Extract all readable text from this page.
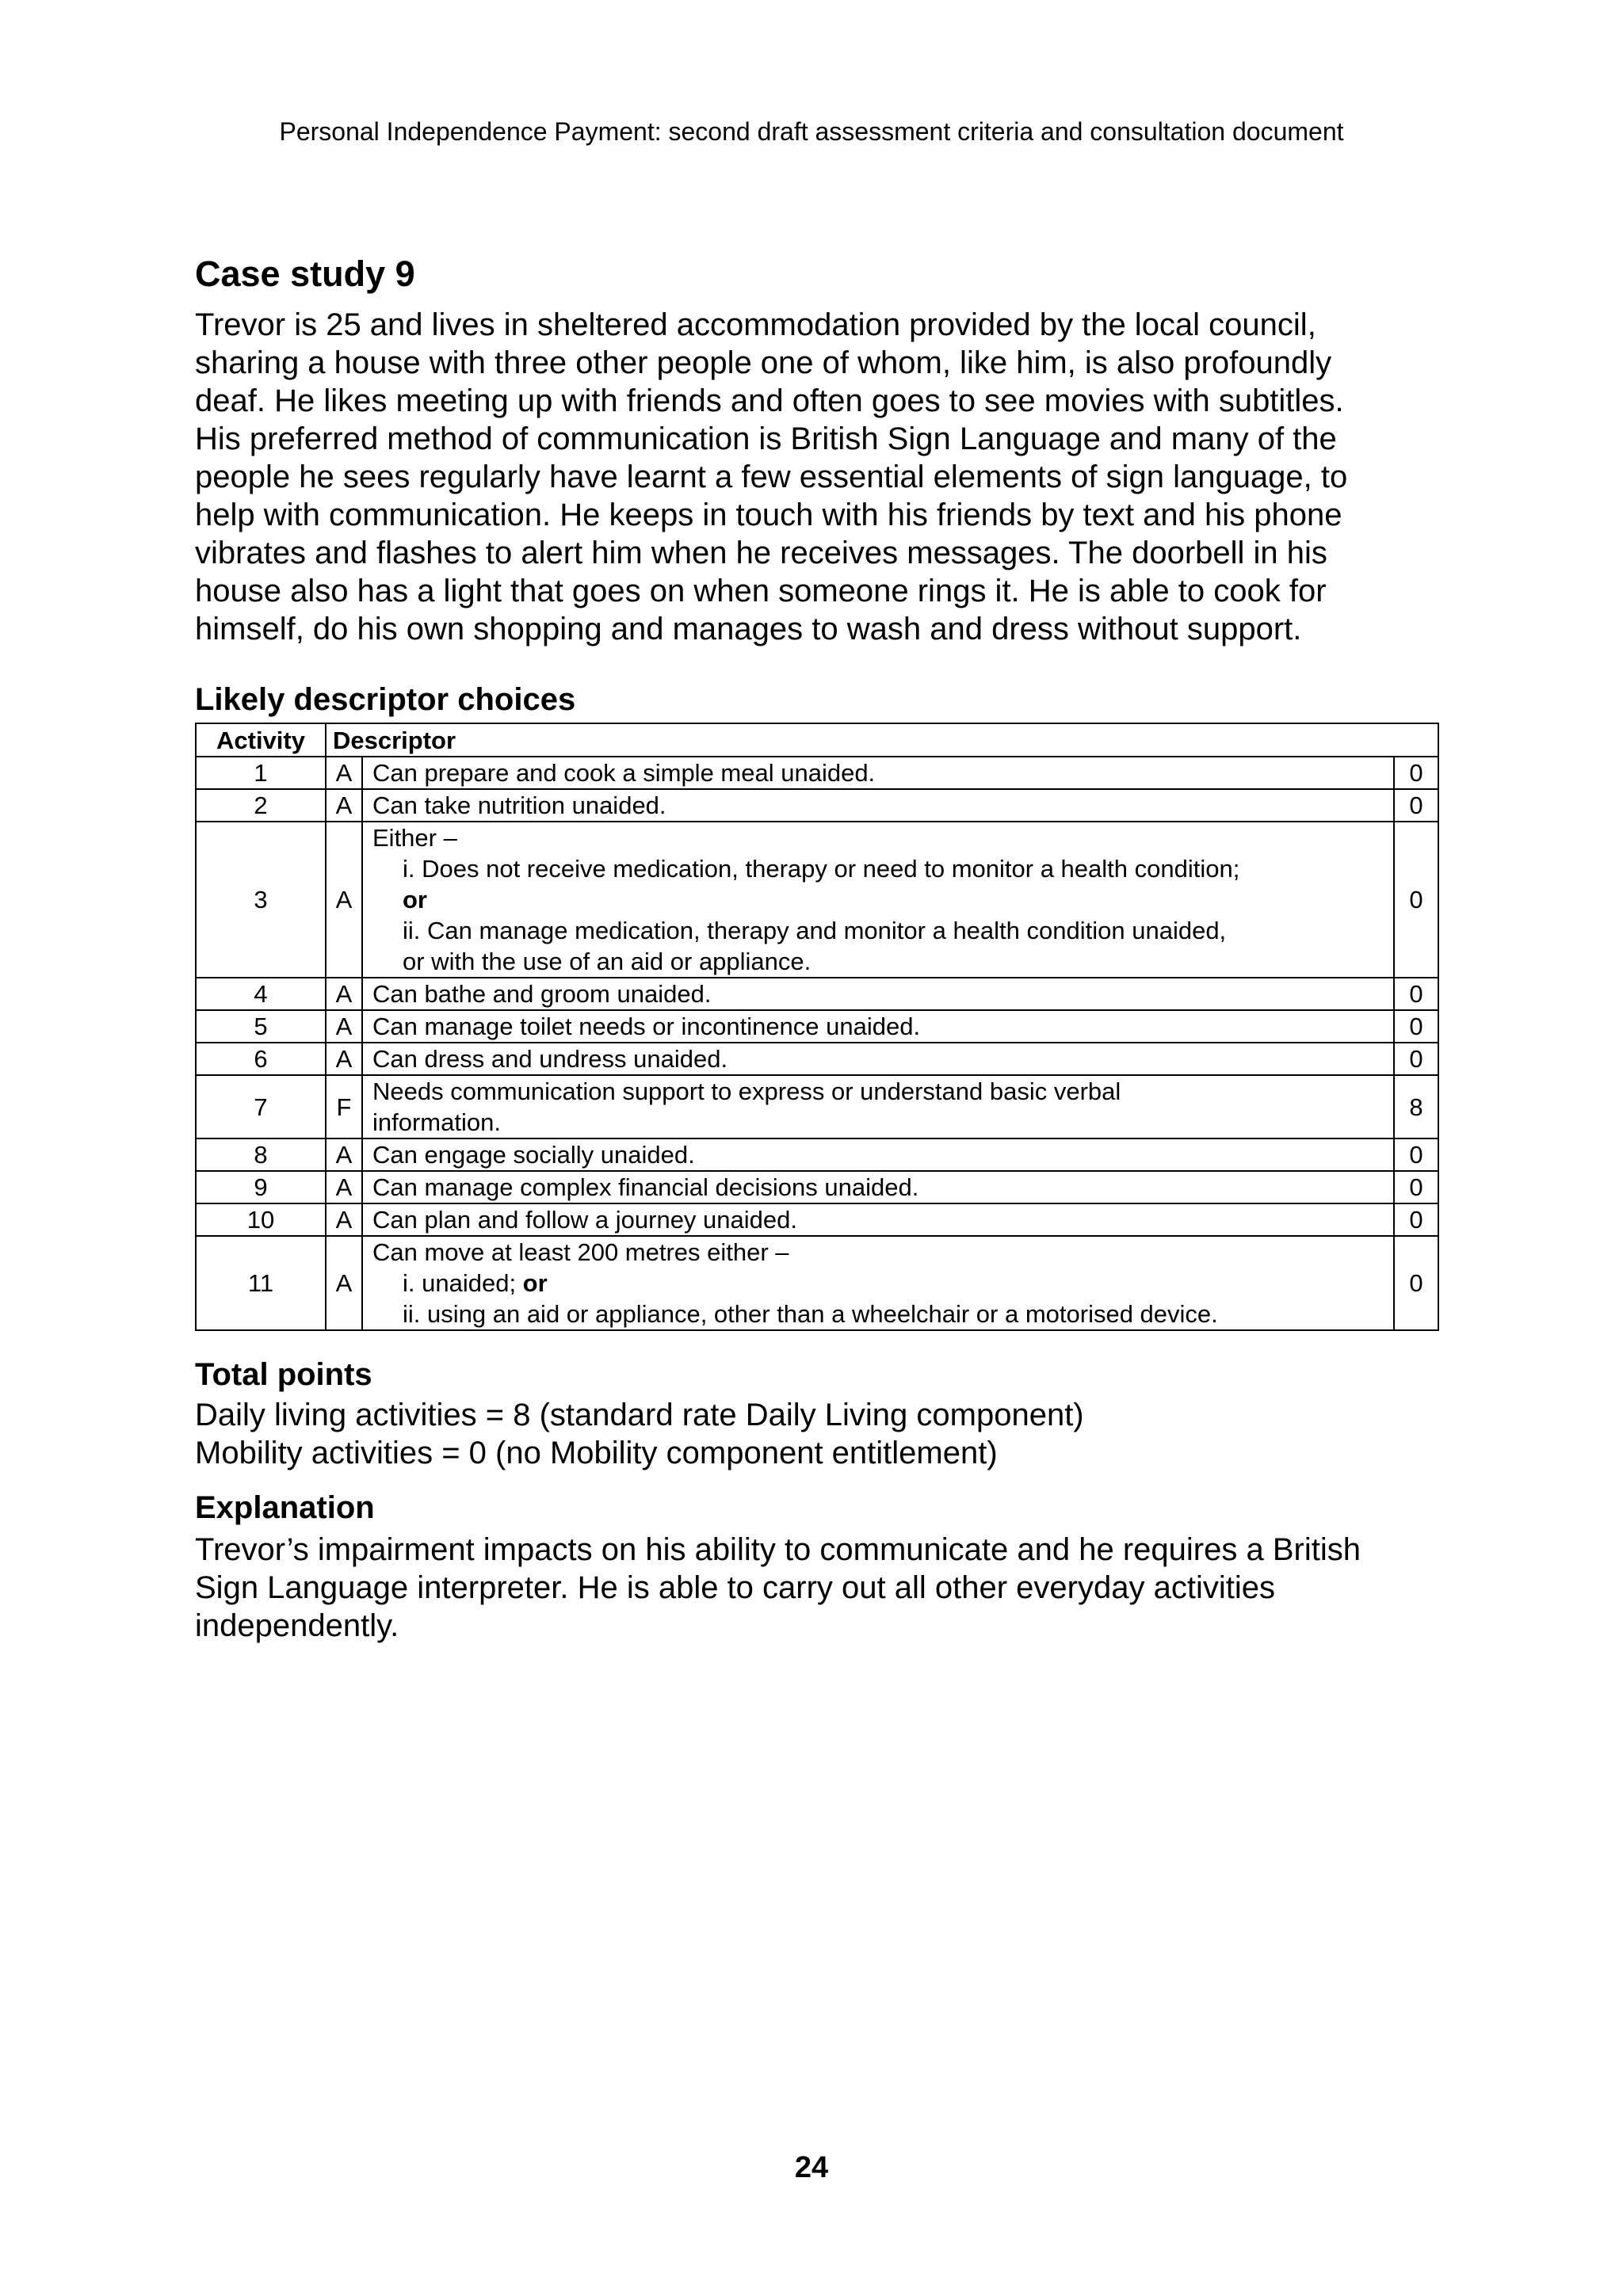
Personal Independence Payment: second draft assessment criteria and consultation document
Case study 9

Trevor is 25 and lives in sheltered accommodation provided by the local council,

sharing a house with three other people one of whom, like him, is also profoundly

deaf. He likes meeting up with friends and often goes to see movies with subtitles.

His preferred method of communication is British Sign Language and many of the

people he sees regularly have learnt a few essential elements of sign language, to

help with communication. He keeps in touch with his friends by text and his phone

vibrates and flashes to alert him when he receives messages. The doorbell in his

house also has a light that goes on when someone rings it. He is able to cook for

himself, do his own shopping and manages to wash and dress without support.

Likely descriptor choices
Activity	Descriptor		
1	A	Can prepare and cook a simple meal unaided.	0
2	A	Can take nutrition unaided.	0
3	A	Either –
i. Does not receive medication, therapy or need to monitor a health condition;
or
ii. Can manage medication, therapy and monitor a health condition unaided,
or with the use of an aid or appliance.	0
4	A	Can bathe and groom unaided.	0
5	A	Can manage toilet needs or incontinence unaided.	0
6	A	Can dress and undress unaided.	0
7	F	Needs communication support to express or understand basic verbal
information.	8
8	A	Can engage socially unaided.	0
9	A	Can manage complex financial decisions unaided.	0
10	A	Can plan and follow a journey unaided.	0
11	A	Can move at least 200 metres either –
i. unaided; or
ii. using an aid or appliance, other than a wheelchair or a motorised device.	0
Total points
Daily living activities = 8 (standard rate Daily Living component)
Mobility activities = 0 (no Mobility component entitlement)
Explanation
Trevor’s impairment impacts on his ability to communicate and he requires a British
Sign Language interpreter. He is able to carry out all other everyday activities
independently.
24
